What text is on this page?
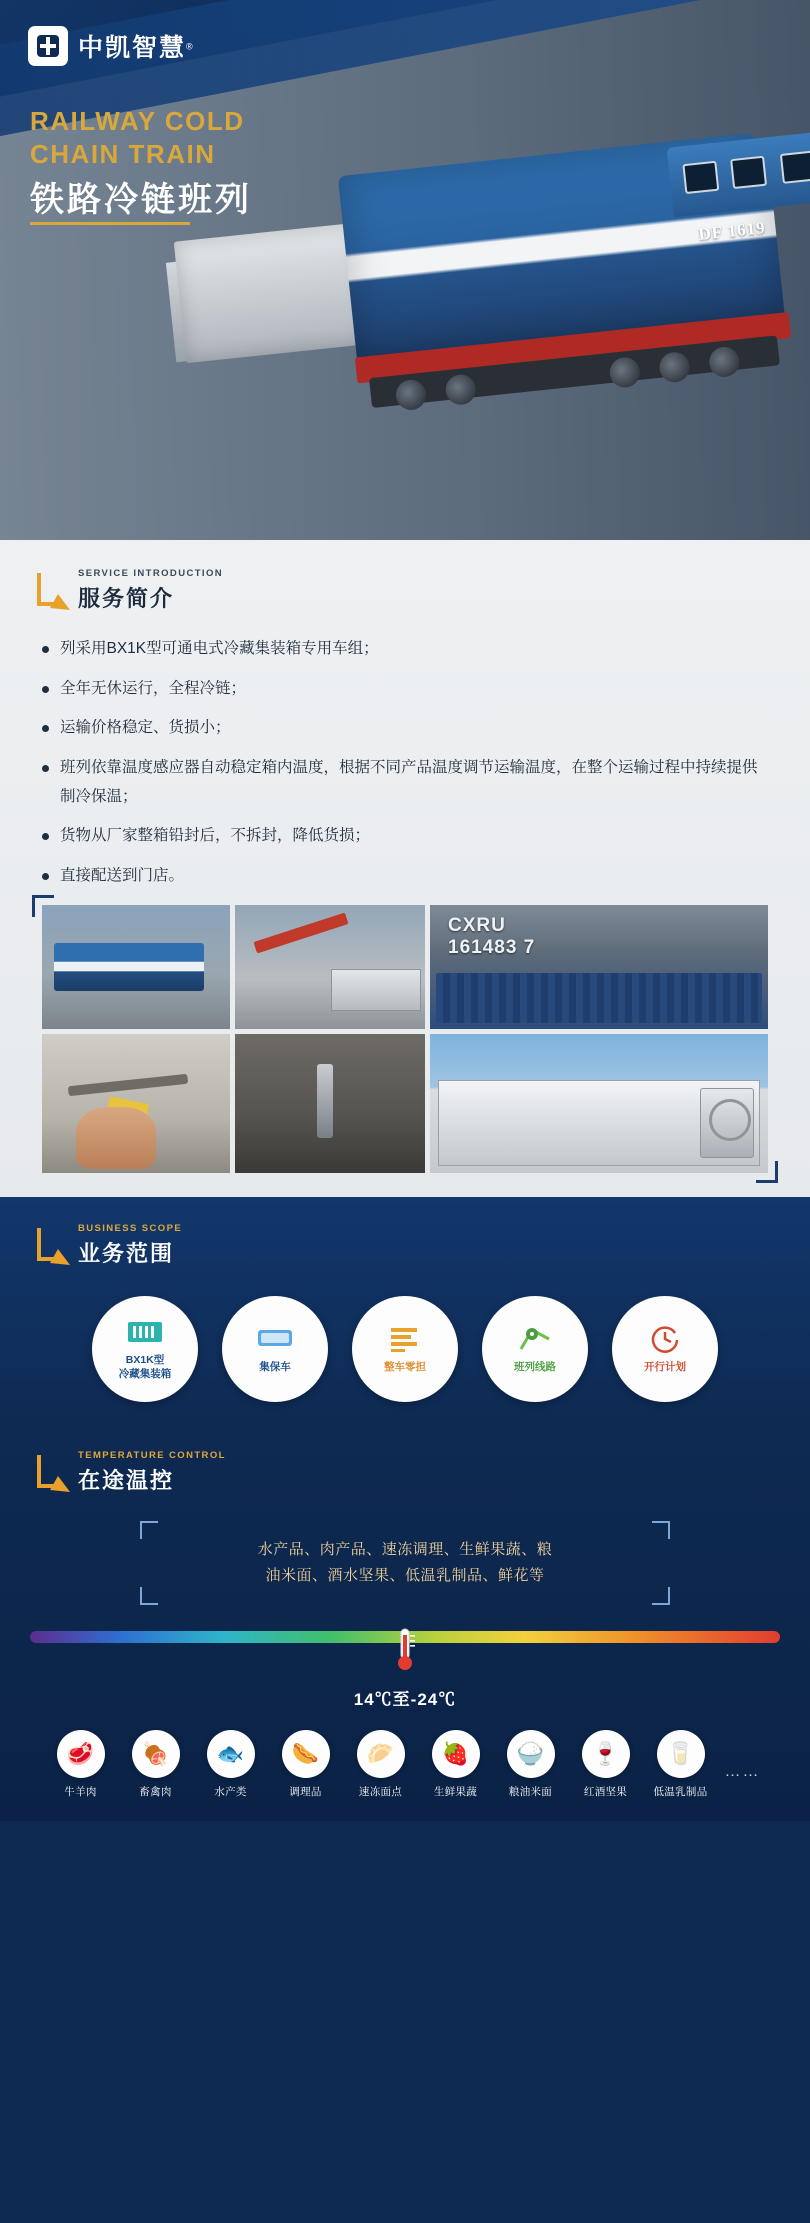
DF 1619
中凯智慧®
RAILWAY COLD
CHAIN TRAIN
铁路冷链班列
SERVICE INTRODUCTION
服务简介
列采用BX1K型可通电式冷藏集装箱专用车组；
全年无休运行，全程冷链；
运输价格稳定、货损小；
班列依靠温度感应器自动稳定箱内温度，根据不同产品温度调节运输温度，在整个运输过程中持续提供制冷保温；
货物从厂家整箱铅封后，不拆封，降低货损；
直接配送到门店。
CXRU
161483 7
BUSINESS SCOPE
业务范围
BX1K型
冷藏集装箱
集保车	整车零担	班列线路	开行计划
TEMPERATURE CONTROL
在途温控
水产品、肉产品、速冻调理、生鲜果蔬、粮
油米面、酒水坚果、低温乳制品、鲜花等
14℃至-24℃
🥩
牛羊肉
🍖
畜禽肉
🐟
水产类
🌭
调理品
🥟
速冻面点
🍓
生鲜果蔬
🍚
粮油米面
🍷
红酒坚果
🥛
低温乳制品
……
